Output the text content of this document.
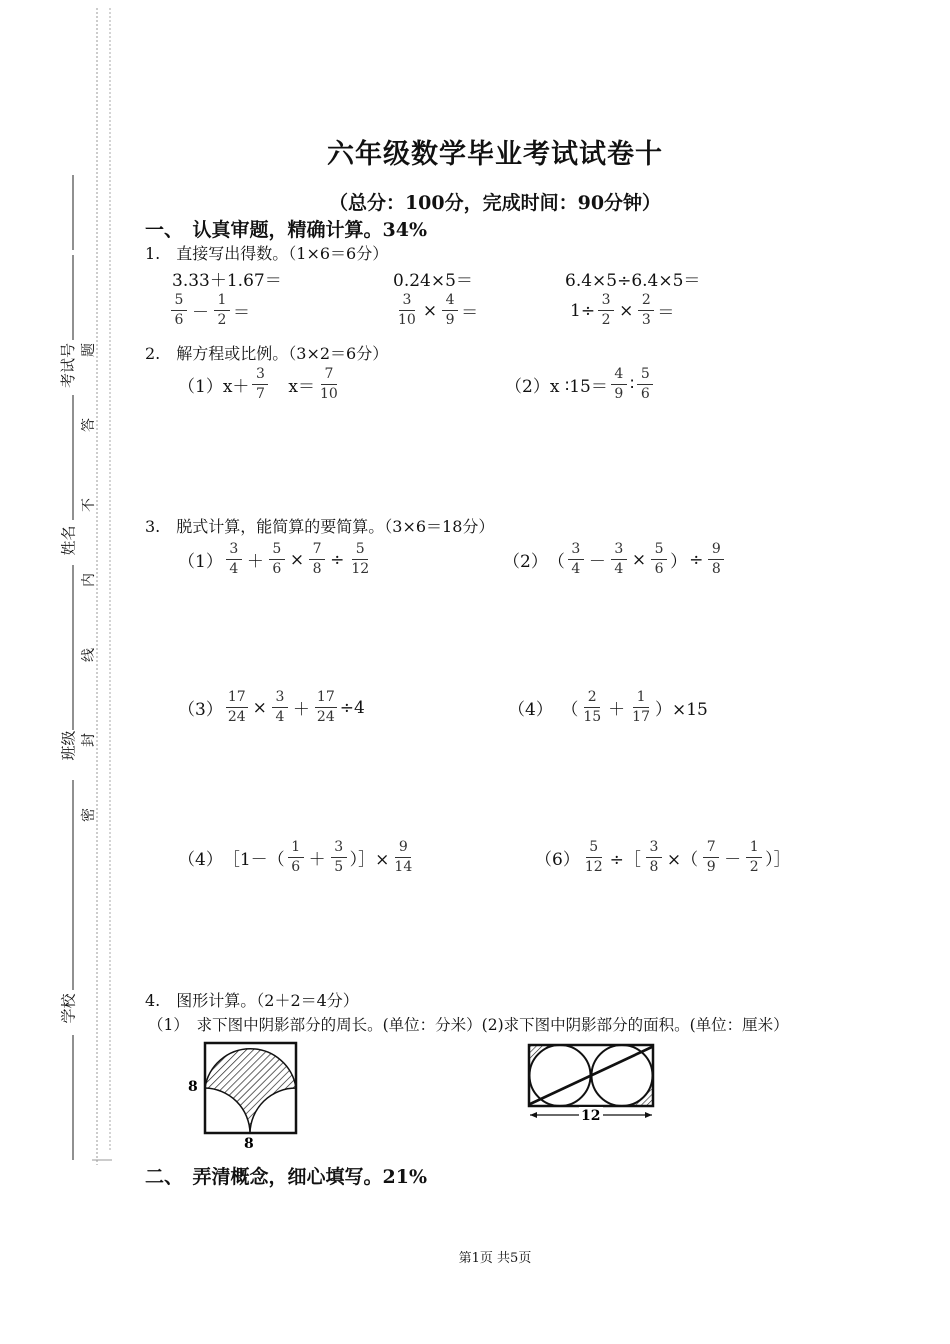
考试号
姓名
班级
学校
题
答
不
内
线
封
密
六年级数学毕业考试试卷十
（总分：100分，完成时间：90分钟）
一、　认真审题，精确计算。34%
1.　直接写出得数。（1×6＝6分）
3.33＋1.67＝	0.24×5＝	6.4×5÷6.4×5＝
$\frac{5}{6} - \frac{1}{2}$ ＝	$\frac{3}{10} \times \frac{4}{9}$ ＝	$1\div \frac{3}{2} \times \frac{2}{3}$ ＝
2.　解方程或比例。（3×2＝6分）
（1） $x+ \frac{3}{7}$ 　$x= \frac{7}{10}$	（2） x ∶15＝ $\frac{4}{9}$ ∶ $\frac{5}{6}$
3.　脱式计算，能简算的要简算。（3×6＝18分）
$(1) \frac{3}{4} + \frac{5}{6} \times \frac{7}{8} \div \frac{5}{12}$	（2） （ $\frac{3}{4} - \frac{3}{4} \times \frac{5}{6}$ ） ÷ $\frac{9}{8}$
$(3) \frac{17}{24} \times \frac{3}{4} + \frac{17}{24} \div 4$	（4）　 （ $\frac{2}{15} + \frac{1}{17} )\times 15$
（4） ［1－（ $\frac{1}{6} + \frac{3}{5}$ ）］× $\frac{9}{14}$	$(6) \frac{5}{12}$ ÷［ $\frac{3}{8}$ ×（ $\frac{7}{9} - \frac{1}{2}$ ）］
4.　图形计算。（2＋2＝4分）
（1）　求下图中阴影部分的周长。(单位：分米）(2)求下图中阴影部分的面积。(单位：厘米）
8
8
12
二、　弄清概念，细心填写。21%
第1页 共5页
